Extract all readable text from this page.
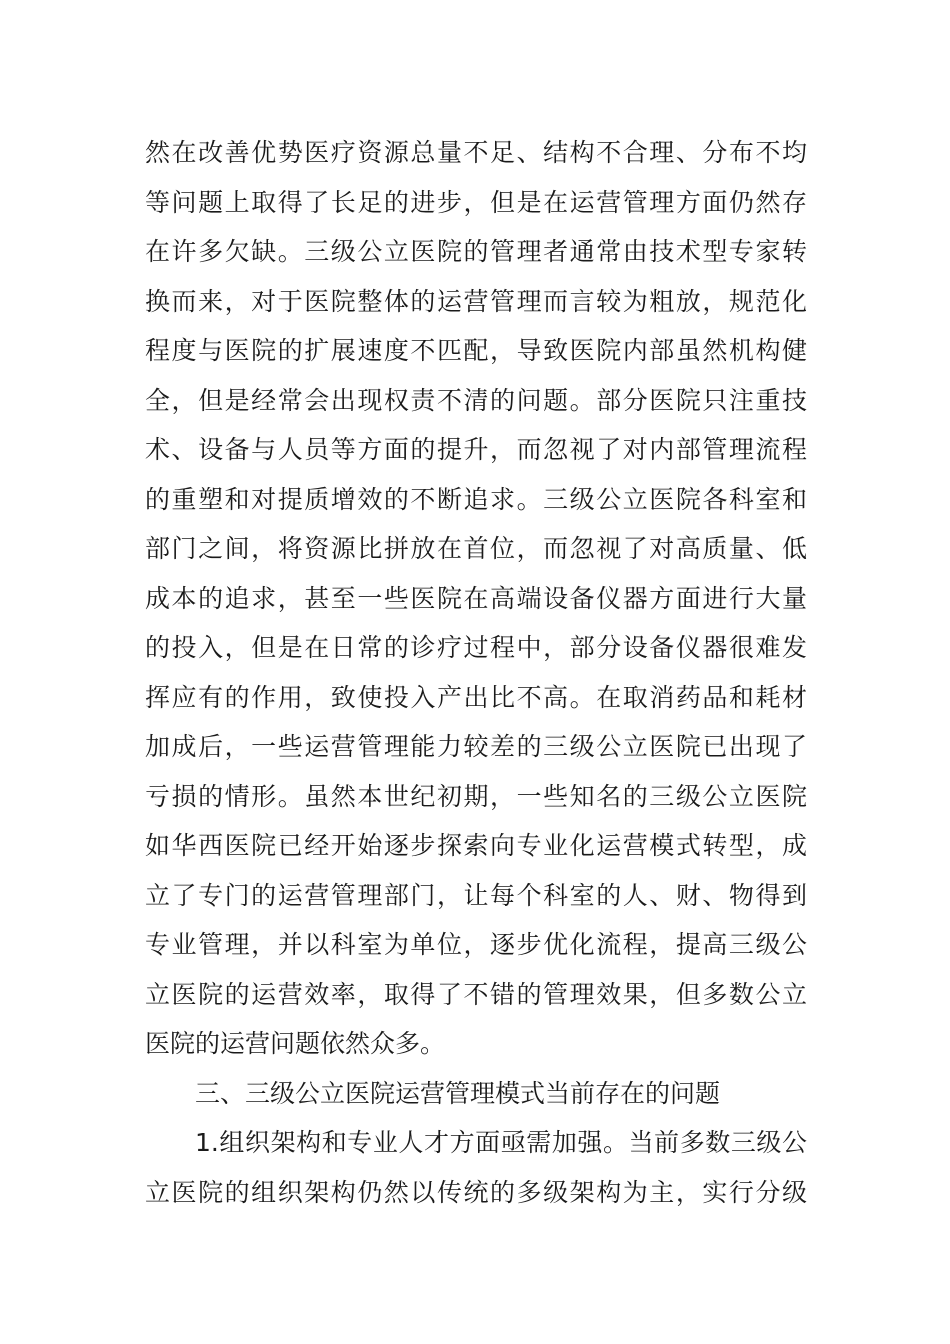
然在改善优势医疗资源总量不足、结构不合理、分布不均
等问题上取得了长足的进步，但是在运营管理方面仍然存
在许多欠缺。三级公立医院的管理者通常由技术型专家转
换而来，对于医院整体的运营管理而言较为粗放，规范化
程度与医院的扩展速度不匹配，导致医院内部虽然机构健
全，但是经常会出现权责不清的问题。部分医院只注重技
术、设备与人员等方面的提升，而忽视了对内部管理流程
的重塑和对提质增效的不断追求。三级公立医院各科室和
部门之间，将资源比拼放在首位，而忽视了对高质量、低
成本的追求，甚至一些医院在高端设备仪器方面进行大量
的投入，但是在日常的诊疗过程中，部分设备仪器很难发
挥应有的作用，致使投入产出比不高。在取消药品和耗材
加成后，一些运营管理能力较差的三级公立医院已出现了
亏损的情形。虽然本世纪初期，一些知名的三级公立医院
如华西医院已经开始逐步探索向专业化运营模式转型，成
立了专门的运营管理部门，让每个科室的人、财、物得到
专业管理，并以科室为单位，逐步优化流程，提高三级公
立医院的运营效率，取得了不错的管理效果，但多数公立
医院的运营问题依然众多。
三、三级公立医院运营管理模式当前存在的问题
1.组织架构和专业人才方面亟需加强。当前多数三级公
立医院的组织架构仍然以传统的多级架构为主，实行分级
